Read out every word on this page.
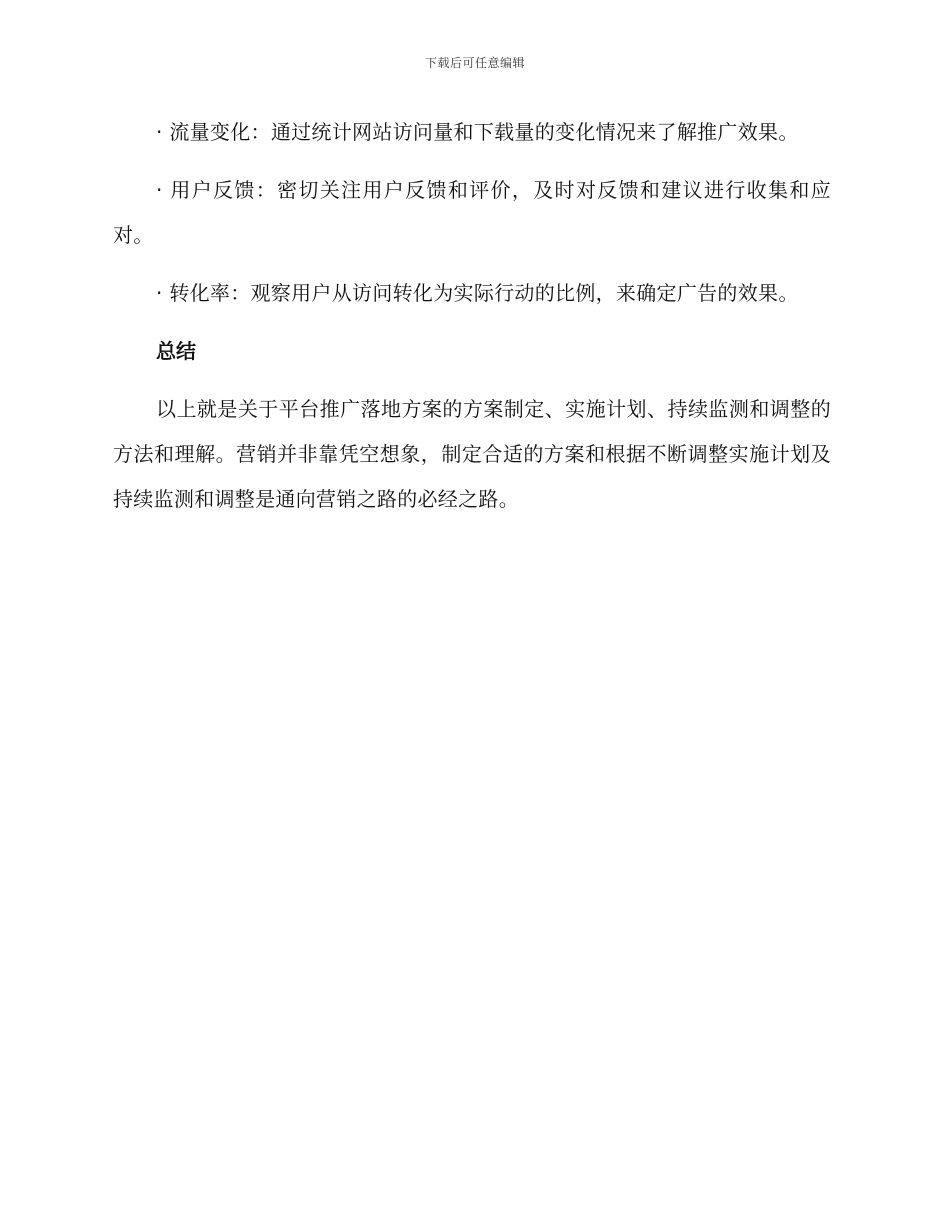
下载后可任意编辑

· 流量变化：通过统计网站访问量和下载量的变化情况来了解推广效果。

· 用户反馈：密切关注用户反馈和评价，及时对反馈和建议进行收集和应对。

· 转化率：观察用户从访问转化为实际行动的比例，来确定广告的效果。

总结

以上就是关于平台推广落地方案的方案制定、实施计划、持续监测和调整的方法和理解。营销并非靠凭空想象，制定合适的方案和根据不断调整实施计划及持续监测和调整是通向营销之路的必经之路。
